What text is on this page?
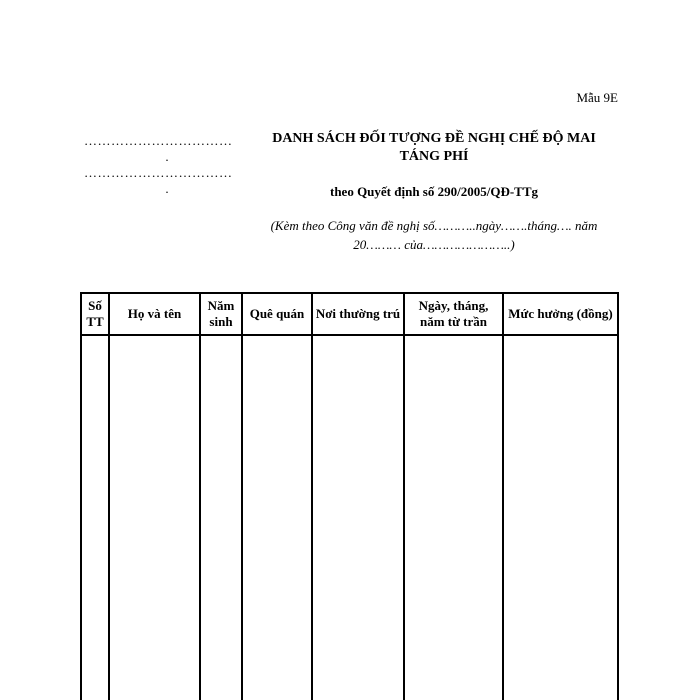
Mẫu 9E
……………………………
.
……………………………
.
DANH SÁCH ĐỐI TƯỢNG ĐỀ NGHỊ CHẾ ĐỘ MAI TÁNG PHÍ
theo Quyết định số 290/2005/QĐ-TTg
(Kèm theo Công văn đề nghị số………..ngày…….tháng…. năm 20……… của…………………..)
Số TT	Họ và tên	Năm sinh	Quê quán	Nơi thường trú	Ngày, tháng, năm từ trần	Mức hưởng (đồng)
